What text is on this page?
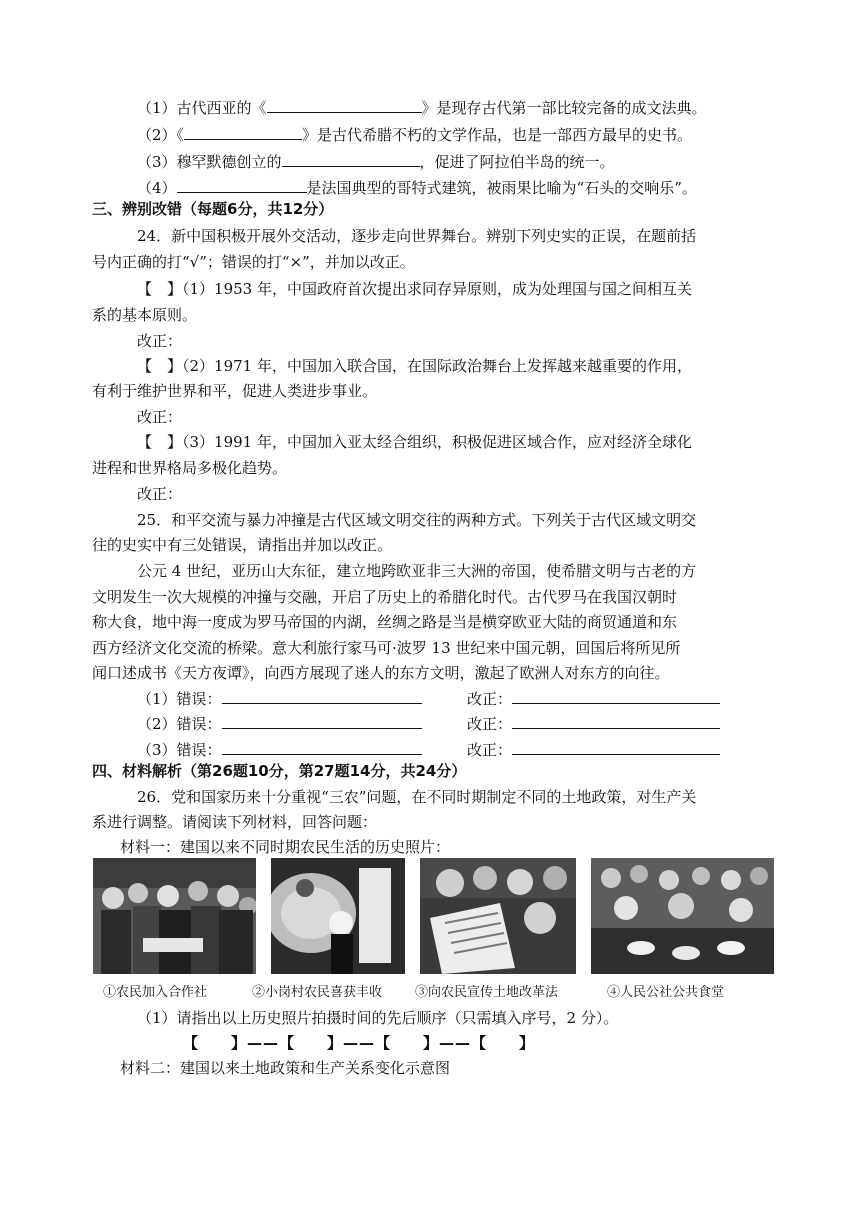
（1）古代西亚的《	》是现存古代第一部比较完备的成文法典。
（2）《	》是古代希腊不朽的文学作品，也是一部西方最早的史书。
（3）穆罕默德创立的	，促进了阿拉伯半岛的统一。
（4）	是法国典型的哥特式建筑，被雨果比喻为“石头的交响乐”。
三、辨别改错（每题6分，共12分）
24．新中国积极开展外交活动，逐步走向世界舞台。辨别下列史实的正误，在题前括
号内正确的打“√”；错误的打“×”，并加以改正。
【　】（1）1953 年，中国政府首次提出求同存异原则，成为处理国与国之间相互关
系的基本原则。
改正：
【　】（2）1971 年，中国加入联合国，在国际政治舞台上发挥越来越重要的作用，
有利于维护世界和平，促进人类进步事业。
改正：
【　】（3）1991 年，中国加入亚太经合组织，积极促进区域合作，应对经济全球化
进程和世界格局多极化趋势。
改正：
25．和平交流与暴力冲撞是古代区域文明交往的两种方式。下列关于古代区域文明交
往的史实中有三处错误，请指出并加以改正。
公元 4 世纪，亚历山大东征，建立地跨欧亚非三大洲的帝国，使希腊文明与古老的方
文明发生一次大规模的冲撞与交融，开启了历史上的希腊化时代。古代罗马在我国汉朝时
称大食，地中海一度成为罗马帝国的内湖，丝绸之路是当是横穿欧亚大陆的商贸通道和东
西方经济文化交流的桥梁。意大利旅行家马可·波罗 13 世纪来中国元朝，回国后将所见所
闻口述成书《天方夜谭》，向西方展现了迷人的东方文明，激起了欧洲人对东方的向往。
（1）错误：	改正：
（2）错误：	改正：
（3）错误：	改正：
四、材料解析（第26题10分，第27题14分，共24分）
26．党和国家历来十分重视“三农”问题，在不同时期制定不同的土地政策，对生产关
系进行调整。请阅读下列材料，回答问题：
材料一：建国以来不同时期农民生活的历史照片：
①农民加入合作社	②小岗村农民喜获丰收	③向农民宣传土地改革法	④人民公社公共食堂
（1）请指出以上历史照片拍摄时间的先后顺序（只需填入序号，2 分）。
【　　】——【　　】——【　　】——【　　】
材料二：建国以来土地政策和生产关系变化示意图
